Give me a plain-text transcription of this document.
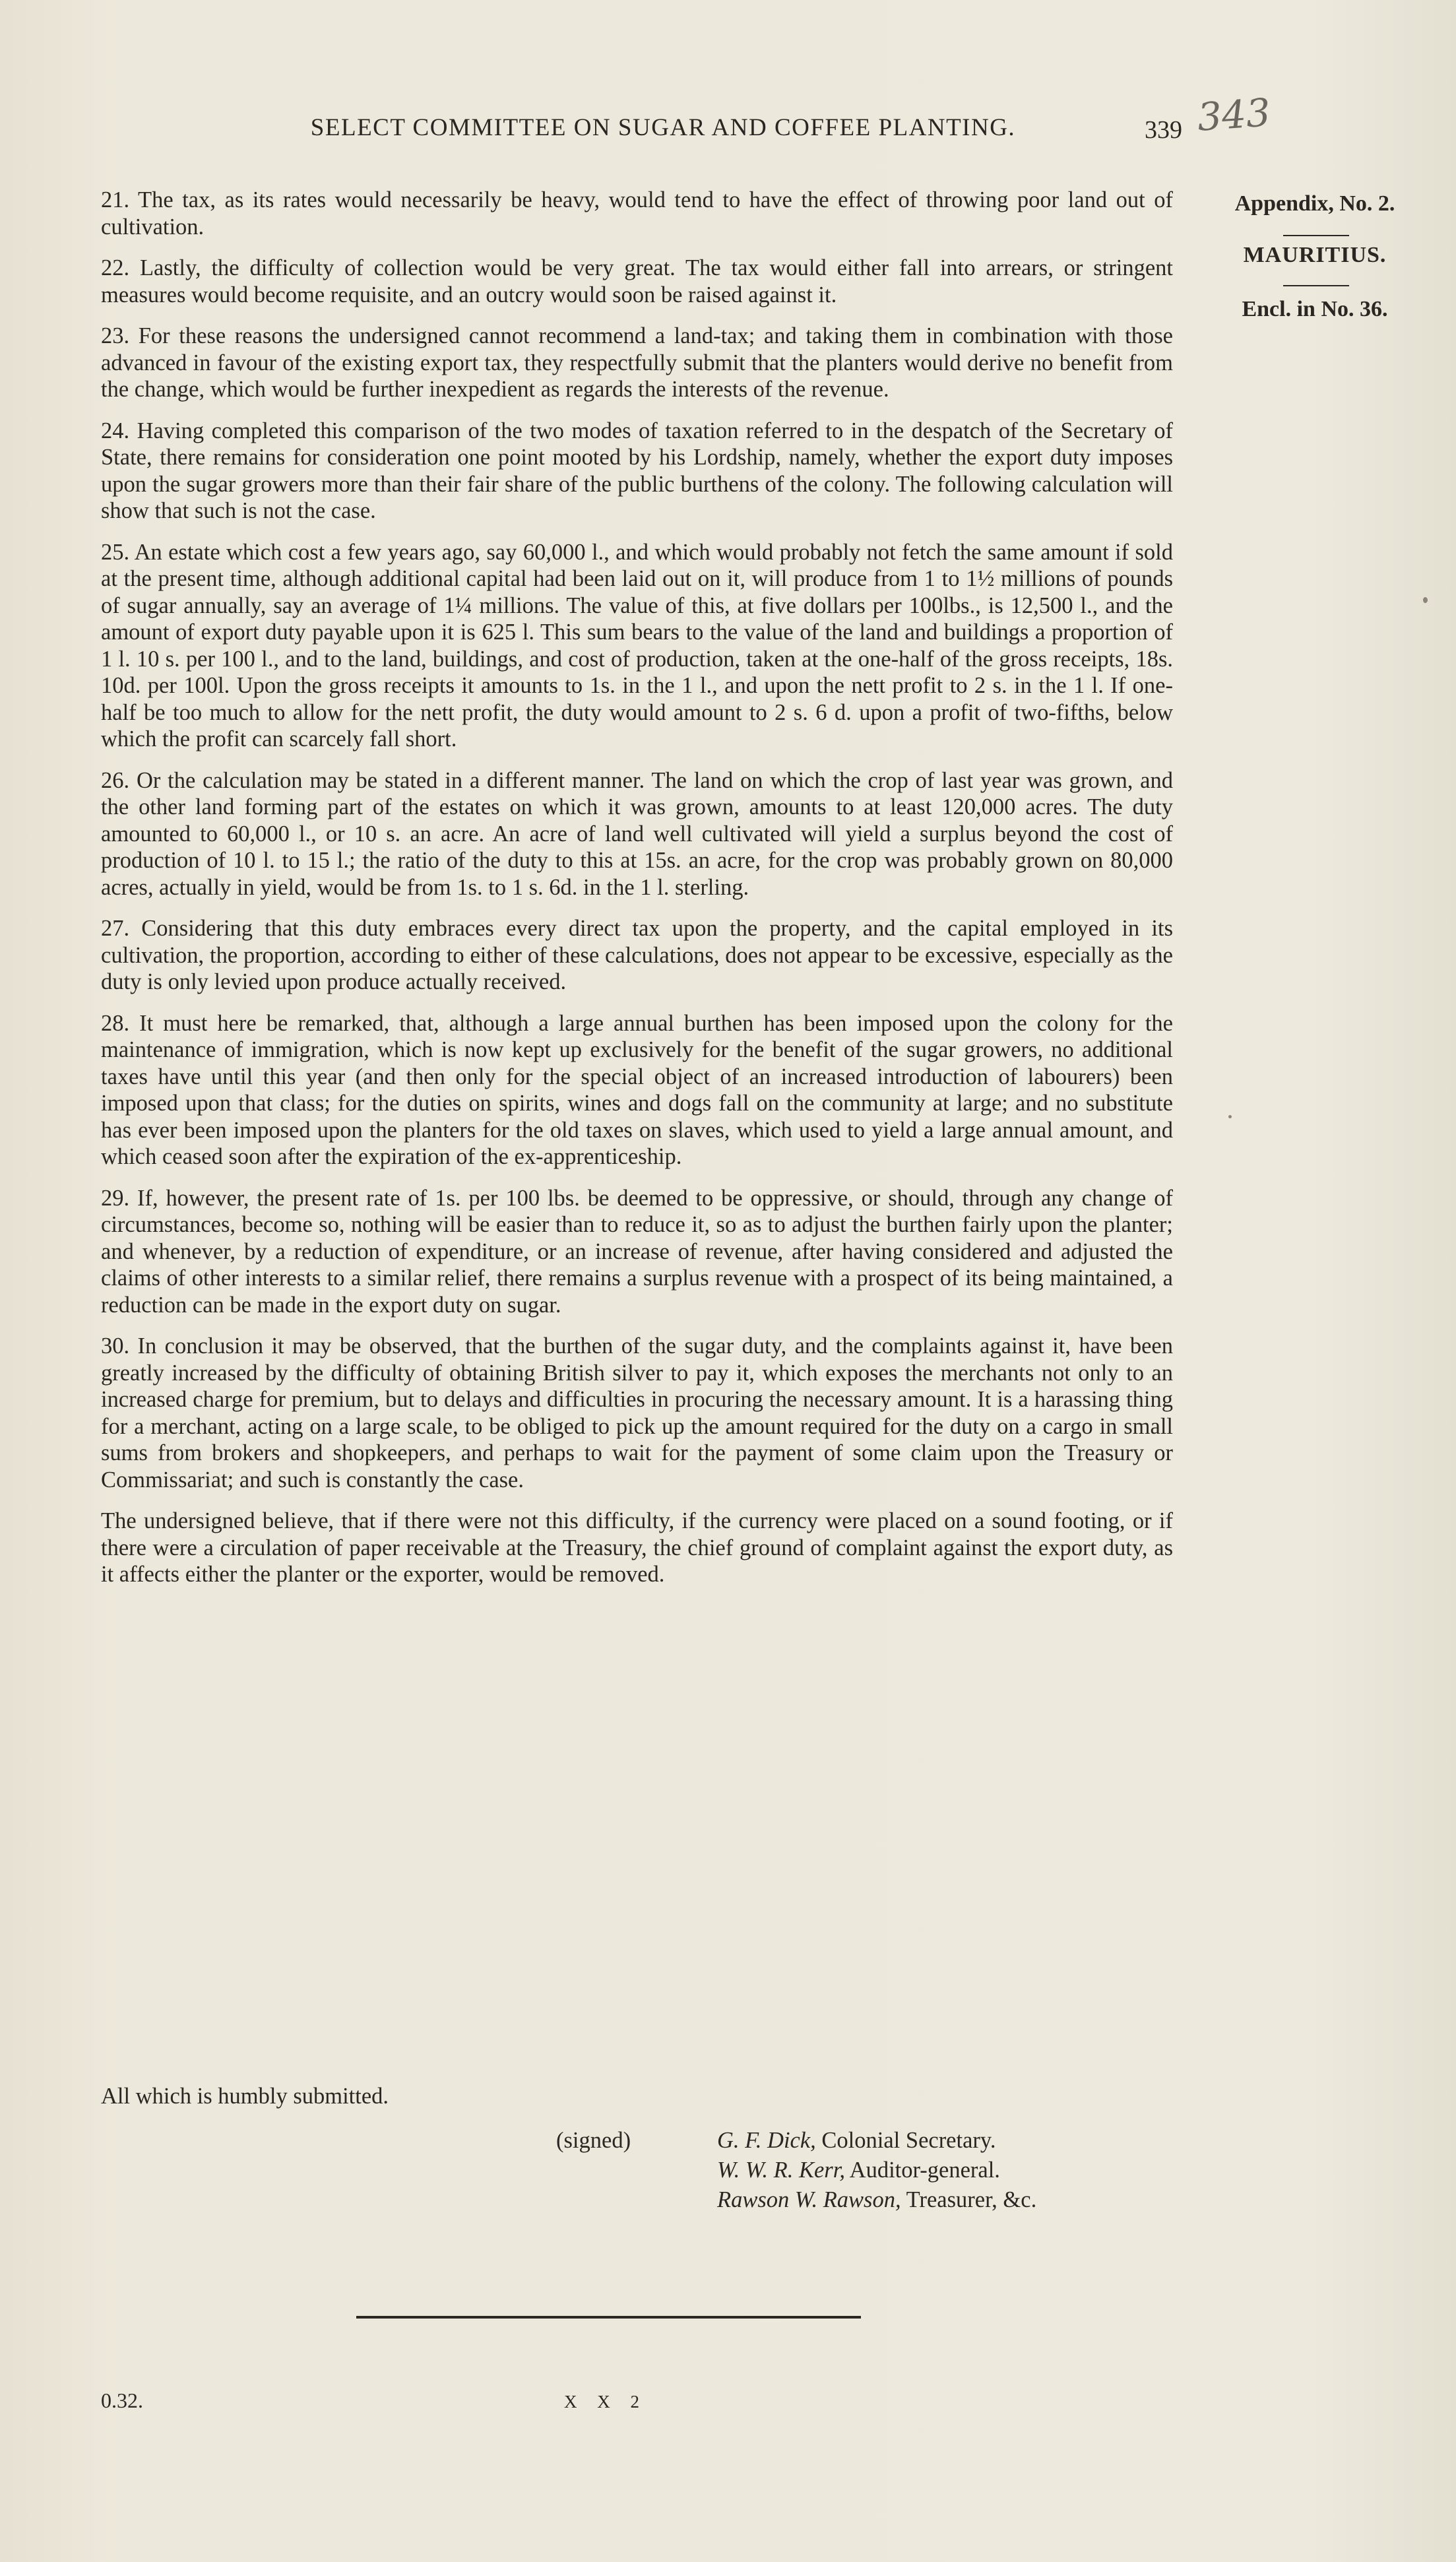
SELECT COMMITTEE ON SUGAR AND COFFEE PLANTING.	339 343
Appendix, No. 2.
MAURITIUS.
Encl. in No. 36.

21. The tax, as its rates would necessarily be heavy, would tend to have the effect of throwing poor land out of cultivation.

22. Lastly, the difficulty of collection would be very great. The tax would either fall into arrears, or stringent measures would become requisite, and an outcry would soon be raised against it.

23. For these reasons the undersigned cannot recommend a land-tax; and taking them in combination with those advanced in favour of the existing export tax, they respectfully submit that the planters would derive no benefit from the change, which would be further inexpedient as regards the interests of the revenue.

24. Having completed this comparison of the two modes of taxation referred to in the despatch of the Secretary of State, there remains for consideration one point mooted by his Lordship, namely, whether the export duty imposes upon the sugar growers more than their fair share of the public burthens of the colony. The following calculation will show that such is not the case.

25. An estate which cost a few years ago, say 60,000 l., and which would probably not fetch the same amount if sold at the present time, although additional capital had been laid out on it, will produce from 1 to 1½ millions of pounds of sugar annually, say an average of 1¼ millions. The value of this, at five dollars per 100lbs., is 12,500 l., and the amount of export duty payable upon it is 625 l. This sum bears to the value of the land and buildings a proportion of 1 l. 10 s. per 100 l., and to the land, buildings, and cost of production, taken at the one-half of the gross receipts, 18s. 10d. per 100l. Upon the gross receipts it amounts to 1s. in the 1 l., and upon the nett profit to 2 s. in the 1 l. If one-half be too much to allow for the nett profit, the duty would amount to 2 s. 6 d. upon a profit of two-fifths, below which the profit can scarcely fall short.

26. Or the calculation may be stated in a different manner. The land on which the crop of last year was grown, and the other land forming part of the estates on which it was grown, amounts to at least 120,000 acres. The duty amounted to 60,000 l., or 10 s. an acre. An acre of land well cultivated will yield a surplus beyond the cost of production of 10 l. to 15 l.; the ratio of the duty to this at 15s. an acre, for the crop was probably grown on 80,000 acres, actually in yield, would be from 1s. to 1 s. 6d. in the 1 l. sterling.

27. Considering that this duty embraces every direct tax upon the property, and the capital employed in its cultivation, the proportion, according to either of these calculations, does not appear to be excessive, especially as the duty is only levied upon produce actually received.

28. It must here be remarked, that, although a large annual burthen has been imposed upon the colony for the maintenance of immigration, which is now kept up exclusively for the benefit of the sugar growers, no additional taxes have until this year (and then only for the special object of an increased introduction of labourers) been imposed upon that class; for the duties on spirits, wines and dogs fall on the community at large; and no substitute has ever been imposed upon the planters for the old taxes on slaves, which used to yield a large annual amount, and which ceased soon after the expiration of the ex-apprenticeship.

29. If, however, the present rate of 1s. per 100 lbs. be deemed to be oppressive, or should, through any change of circumstances, become so, nothing will be easier than to reduce it, so as to adjust the burthen fairly upon the planter; and whenever, by a reduction of expenditure, or an increase of revenue, after having considered and adjusted the claims of other interests to a similar relief, there remains a surplus revenue with a prospect of its being maintained, a reduction can be made in the export duty on sugar.

30. In conclusion it may be observed, that the burthen of the sugar duty, and the complaints against it, have been greatly increased by the difficulty of obtaining British silver to pay it, which exposes the merchants not only to an increased charge for premium, but to delays and difficulties in procuring the necessary amount. It is a harassing thing for a merchant, acting on a large scale, to be obliged to pick up the amount required for the duty on a cargo in small sums from brokers and shopkeepers, and perhaps to wait for the payment of some claim upon the Treasury or Commissariat; and such is constantly the case.

The undersigned believe, that if there were not this difficulty, if the currency were placed on a sound footing, or if there were a circulation of paper receivable at the Treasury, the chief ground of complaint against the export duty, as it affects either the planter or the exporter, would be removed.

All which is humbly submitted.
(signed)	G. F. Dick, Colonial Secretary.
W. W. R. Kerr, Auditor-general.
Rawson W. Rawson, Treasurer, &c.
0.32.	X X 2
